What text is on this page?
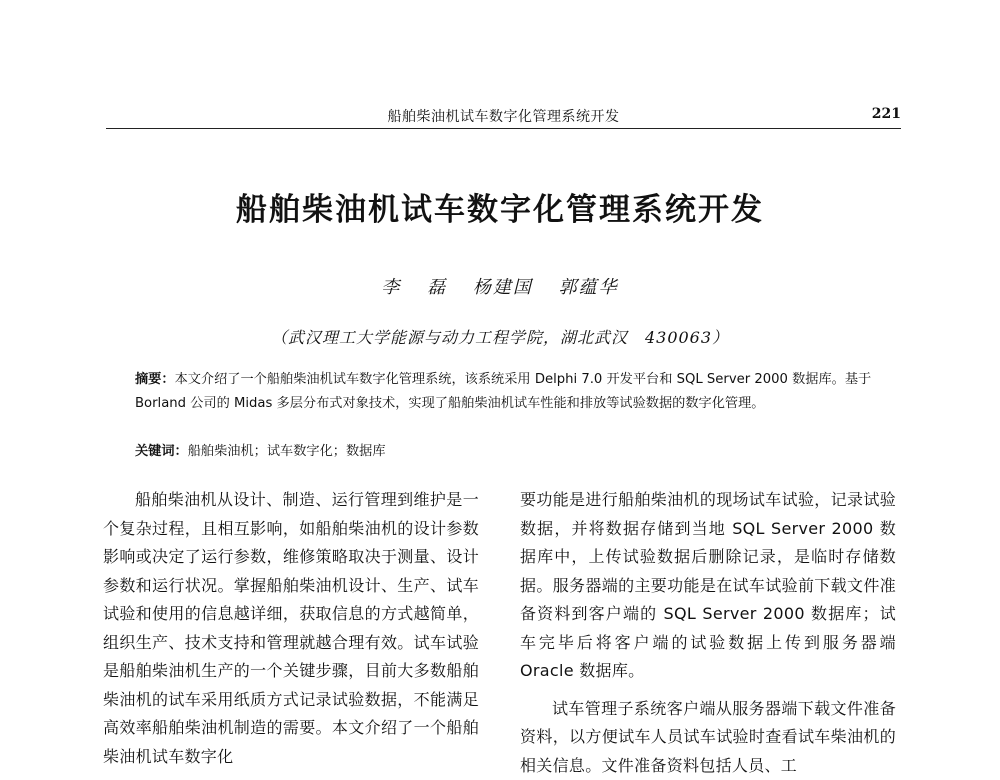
船舶柴油机试车数字化管理系统开发	221
船舶柴油机试车数字化管理系统开发
李 磊 杨建国 郭蕴华
（武汉理工大学能源与动力工程学院，湖北武汉　430063）

摘要：本文介绍了一个船舶柴油机试车数字化管理系统，该系统采用 Delphi 7.0 开发平台和 SQL Server 2000 数据库。基于 Borland 公司的 Midas 多层分布式对象技术，实现了船舶柴油机试车性能和排放等试验数据的数字化管理。

关键词：船舶柴油机；试车数字化；数据库

船舶柴油机从设计、制造、运行管理到维护是一个复杂过程，且相互影响，如船舶柴油机的设计参数影响或决定了运行参数，维修策略取决于测量、设计参数和运行状况。掌握船舶柴油机设计、生产、试车试验和使用的信息越详细，获取信息的方式越简单，组织生产、技术支持和管理就越合理有效。试车试验是船舶柴油机生产的一个关键步骤，目前大多数船舶柴油机的试车采用纸质方式记录试验数据，不能满足高效率船舶柴油机制造的需要。本文介绍了一个船舶柴油机试车数字化

要功能是进行船舶柴油机的现场试车试验，记录试验数据，并将数据存储到当地 SQL Server 2000 数据库中，上传试验数据后删除记录，是临时存储数据。服务器端的主要功能是在试车试验前下载文件准备资料到客户端的 SQL Server 2000 数据库；试车完毕后将客户端的试验数据上传到服务器端 Oracle 数据库。

试车管理子系统客户端从服务器端下载文件准备资料，以方便试车人员试车试验时查看试车柴油机的相关信息。文件准备资料包括人员、工
